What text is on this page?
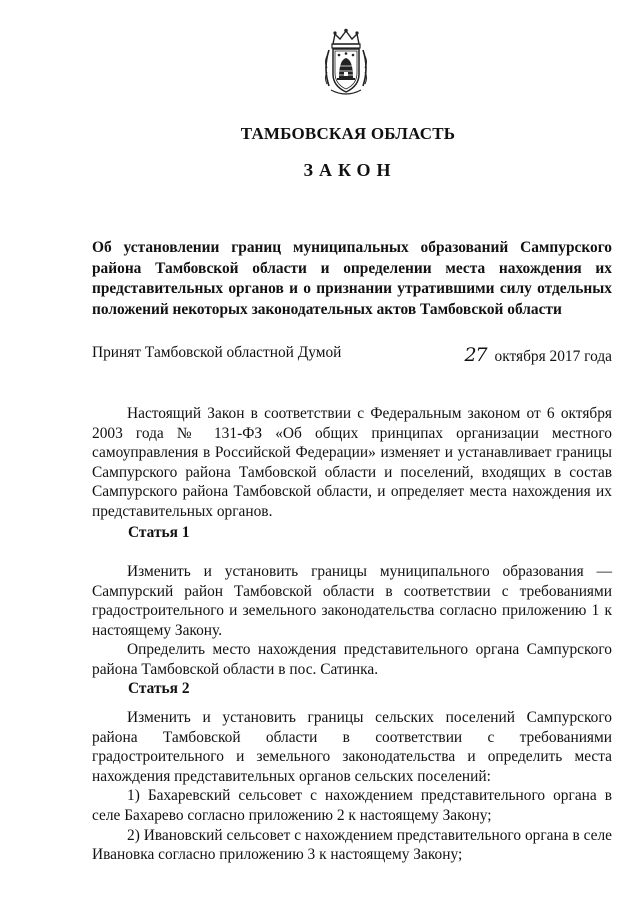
ТАМБОВСКАЯ ОБЛАСТЬ
ЗАКОН
Об установлении границ муниципальных образований Сампурского района Тамбовской области и определении места нахождения их представительных органов и о признании утратившими силу отдельных положений некоторых законодательных актов Тамбовской области
Принят Тамбовской областной Думой	27 октября 2017 года

Настоящий Закон в соответствии с Федеральным законом от 6 октября 2003 года № 131-ФЗ «Об общих принципах организации местного самоуправления в Российской Федерации» изменяет и устанавливает границы Сампурского района Тамбовской области и поселений, входящих в состав Сампурского района Тамбовской области, и определяет места нахождения их представительных органов.

Статья 1

Изменить и установить границы муниципального образования — Сампурский район Тамбовской области в соответствии с требованиями градостроительного и земельного законодательства согласно приложению 1 к настоящему Закону.

Определить место нахождения представительного органа Сампурского района Тамбовской области в пос. Сатинка.

Статья 2

Изменить и установить границы сельских поселений Сампурского района Тамбовской области в соответствии с требованиями градостроительного и земельного законодательства и определить места нахождения представительных органов сельских поселений:

1) Бахаревский сельсовет с нахождением представительного органа в селе Бахарево согласно приложению 2 к настоящему Закону;

2) Ивановский сельсовет с нахождением представительного органа в селе Ивановка согласно приложению 3 к настоящему Закону;
